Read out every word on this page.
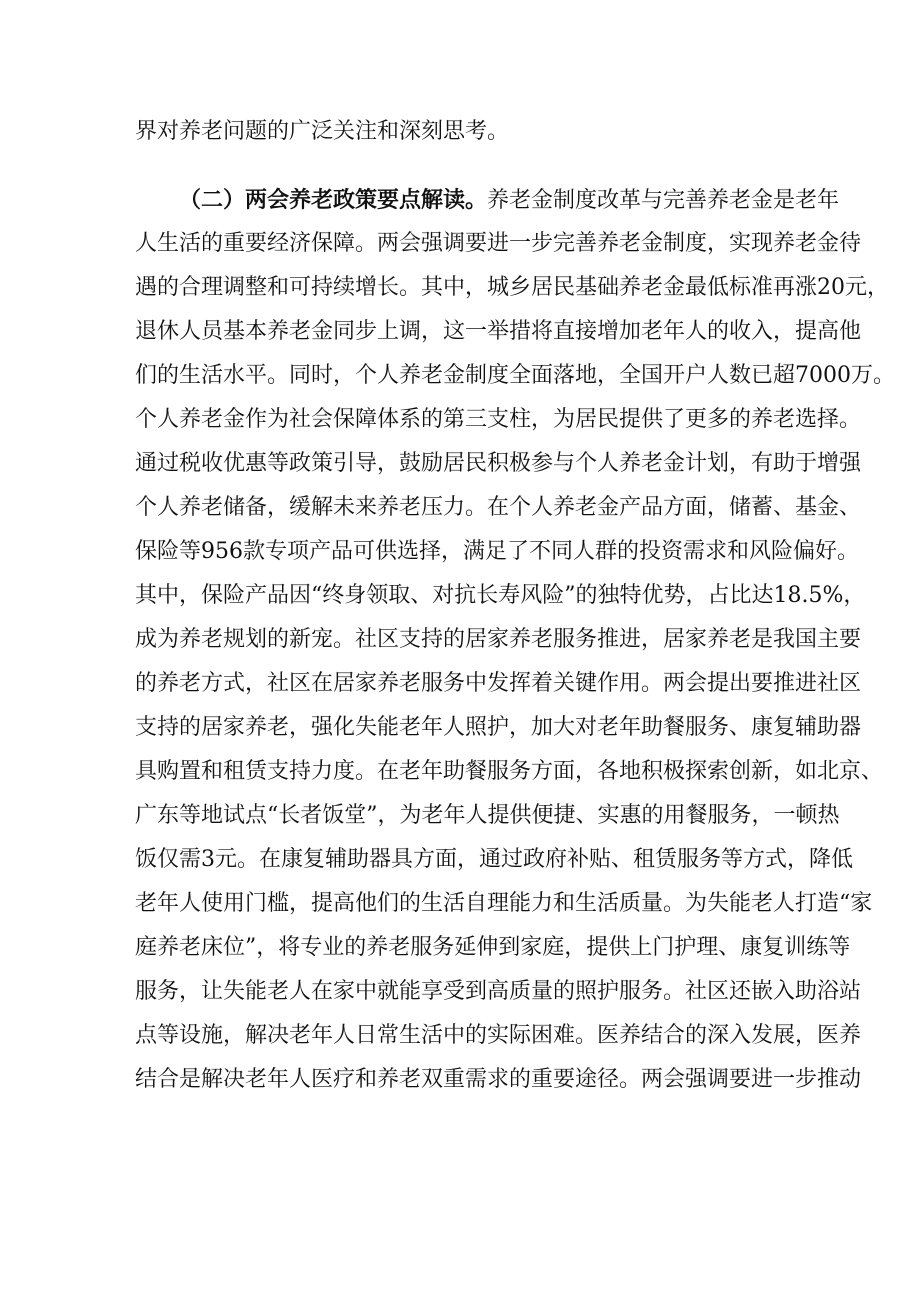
界对养老问题的广泛关注和深刻思考。
（二）两会养老政策要点解读。养老金制度改革与完善养老金是老年
人生活的重要经济保障。两会强调要进一步完善养老金制度，实现养老金待
遇的合理调整和可持续增长。其中，城乡居民基础养老金最低标准再涨20元，
退休人员基本养老金同步上调，这一举措将直接增加老年人的收入，提高他
们的生活水平。同时，个人养老金制度全面落地，全国开户人数已超7000万。
个人养老金作为社会保障体系的第三支柱，为居民提供了更多的养老选择。
通过税收优惠等政策引导，鼓励居民积极参与个人养老金计划，有助于增强
个人养老储备，缓解未来养老压力。在个人养老金产品方面，储蓄、基金、
保险等956款专项产品可供选择，满足了不同人群的投资需求和风险偏好。
其中，保险产品因“终身领取、对抗长寿风险”的独特优势，占比达18.5%，
成为养老规划的新宠。社区支持的居家养老服务推进，居家养老是我国主要
的养老方式，社区在居家养老服务中发挥着关键作用。两会提出要推进社区
支持的居家养老，强化失能老年人照护，加大对老年助餐服务、康复辅助器
具购置和租赁支持力度。在老年助餐服务方面，各地积极探索创新，如北京、
广东等地试点“长者饭堂”，为老年人提供便捷、实惠的用餐服务，一顿热
饭仅需3元。在康复辅助器具方面，通过政府补贴、租赁服务等方式，降低
老年人使用门槛，提高他们的生活自理能力和生活质量。为失能老人打造“家
庭养老床位”，将专业的养老服务延伸到家庭，提供上门护理、康复训练等
服务，让失能老人在家中就能享受到高质量的照护服务。社区还嵌入助浴站
点等设施，解决老年人日常生活中的实际困难。医养结合的深入发展，医养
结合是解决老年人医疗和养老双重需求的重要途径。两会强调要进一步推动
